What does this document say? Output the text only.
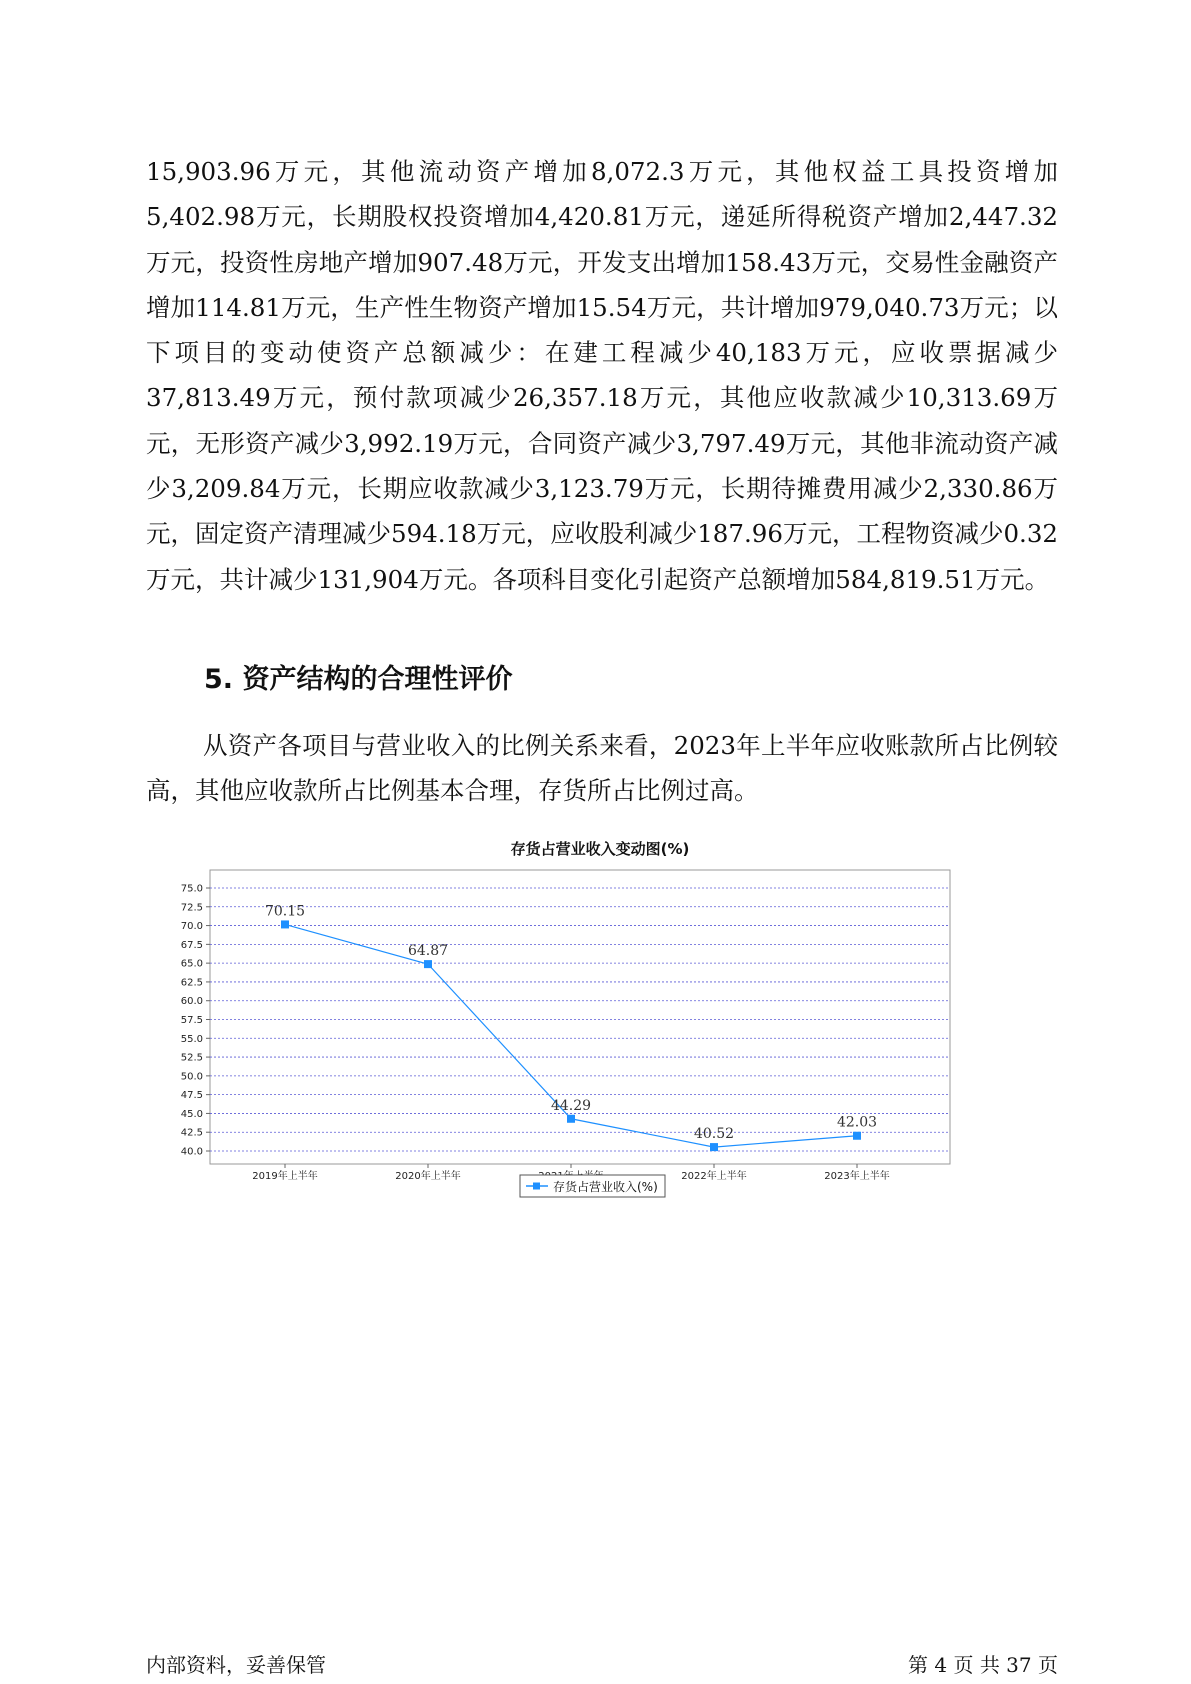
15,903.96万元，其他流动资产增加8,072.3万元，其他权益工具投资增加5,402.98万元，长期股权投资增加4,420.81万元，递延所得税资产增加2,447.32万元，投资性房地产增加907.48万元，开发支出增加158.43万元，交易性金融资产增加114.81万元，生产性生物资产增加15.54万元，共计增加979,040.73万元；以下项目的变动使资产总额减少：在建工程减少40,183万元，应收票据减少37,813.49万元，预付款项减少26,357.18万元，其他应收款减少10,313.69万元，无形资产减少3,992.19万元，合同资产减少3,797.49万元，其他非流动资产减少3,209.84万元，长期应收款减少3,123.79万元，长期待摊费用减少2,330.86万元，固定资产清理减少594.18万元，应收股利减少187.96万元，工程物资减少0.32万元，共计减少131,904万元。各项科目变化引起资产总额增加584,819.51万元。

5. 资产结构的合理性评价

从资产各项目与营业收入的比例关系来看，2023年上半年应收账款所占比例较高，其他应收款所占比例基本合理，存货所占比例过高。

存货占营业收入变动图(%)
40.0
42.5
45.0
47.5
50.0
52.5
55.0
57.5
60.0
62.5
65.0
67.5
70.0
72.5
75.0
2019年上半年	2020年上半年	2022年上半年	2023年上半年
70.15
64.87
44.29
40.52
42.03
存货占营业收入(%)
内部资料，妥善保管	第 4 页 共 37 页
